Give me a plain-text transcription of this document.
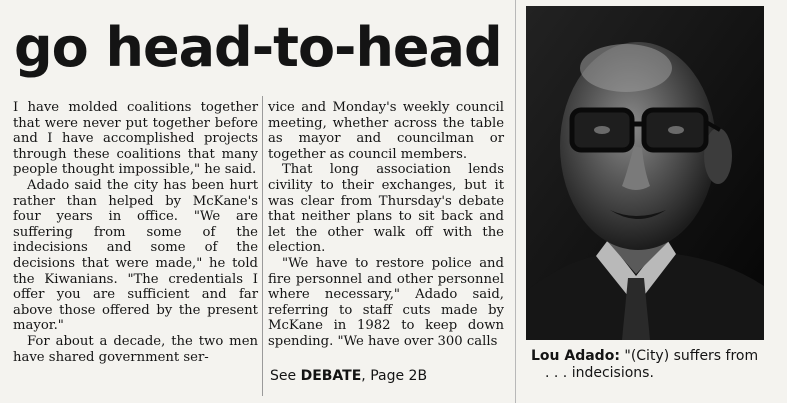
go head-to-head

I have molded coalitions together that were never put together before and I have accomplished projects through these coalitions that many people thought impossible," he said.

Adado said the city has been hurt rather than helped by McKane's four years in office. "We are suffering from some of the indecisions and some of the decisions that were made," he told the Kiwanians. "The credentials I offer you are sufficient and far above those offered by the present mayor."

For about a decade, the two men have shared government ser-

vice and Monday's weekly council meeting, whether across the table as mayor and councilman or together as council members.

That long association lends civility to their exchanges, but it was clear from Thursday's debate that neither plans to sit back and let the other walk off with the election.

"We have to restore police and fire personnel and other personnel where necessary," Adado said, referring to staff cuts made by McKane in 1982 to keep down spending. "We have over 300 calls

See DEBATE, Page 2B
Lou Adado: "(City) suffers from
. . . indecisions.
